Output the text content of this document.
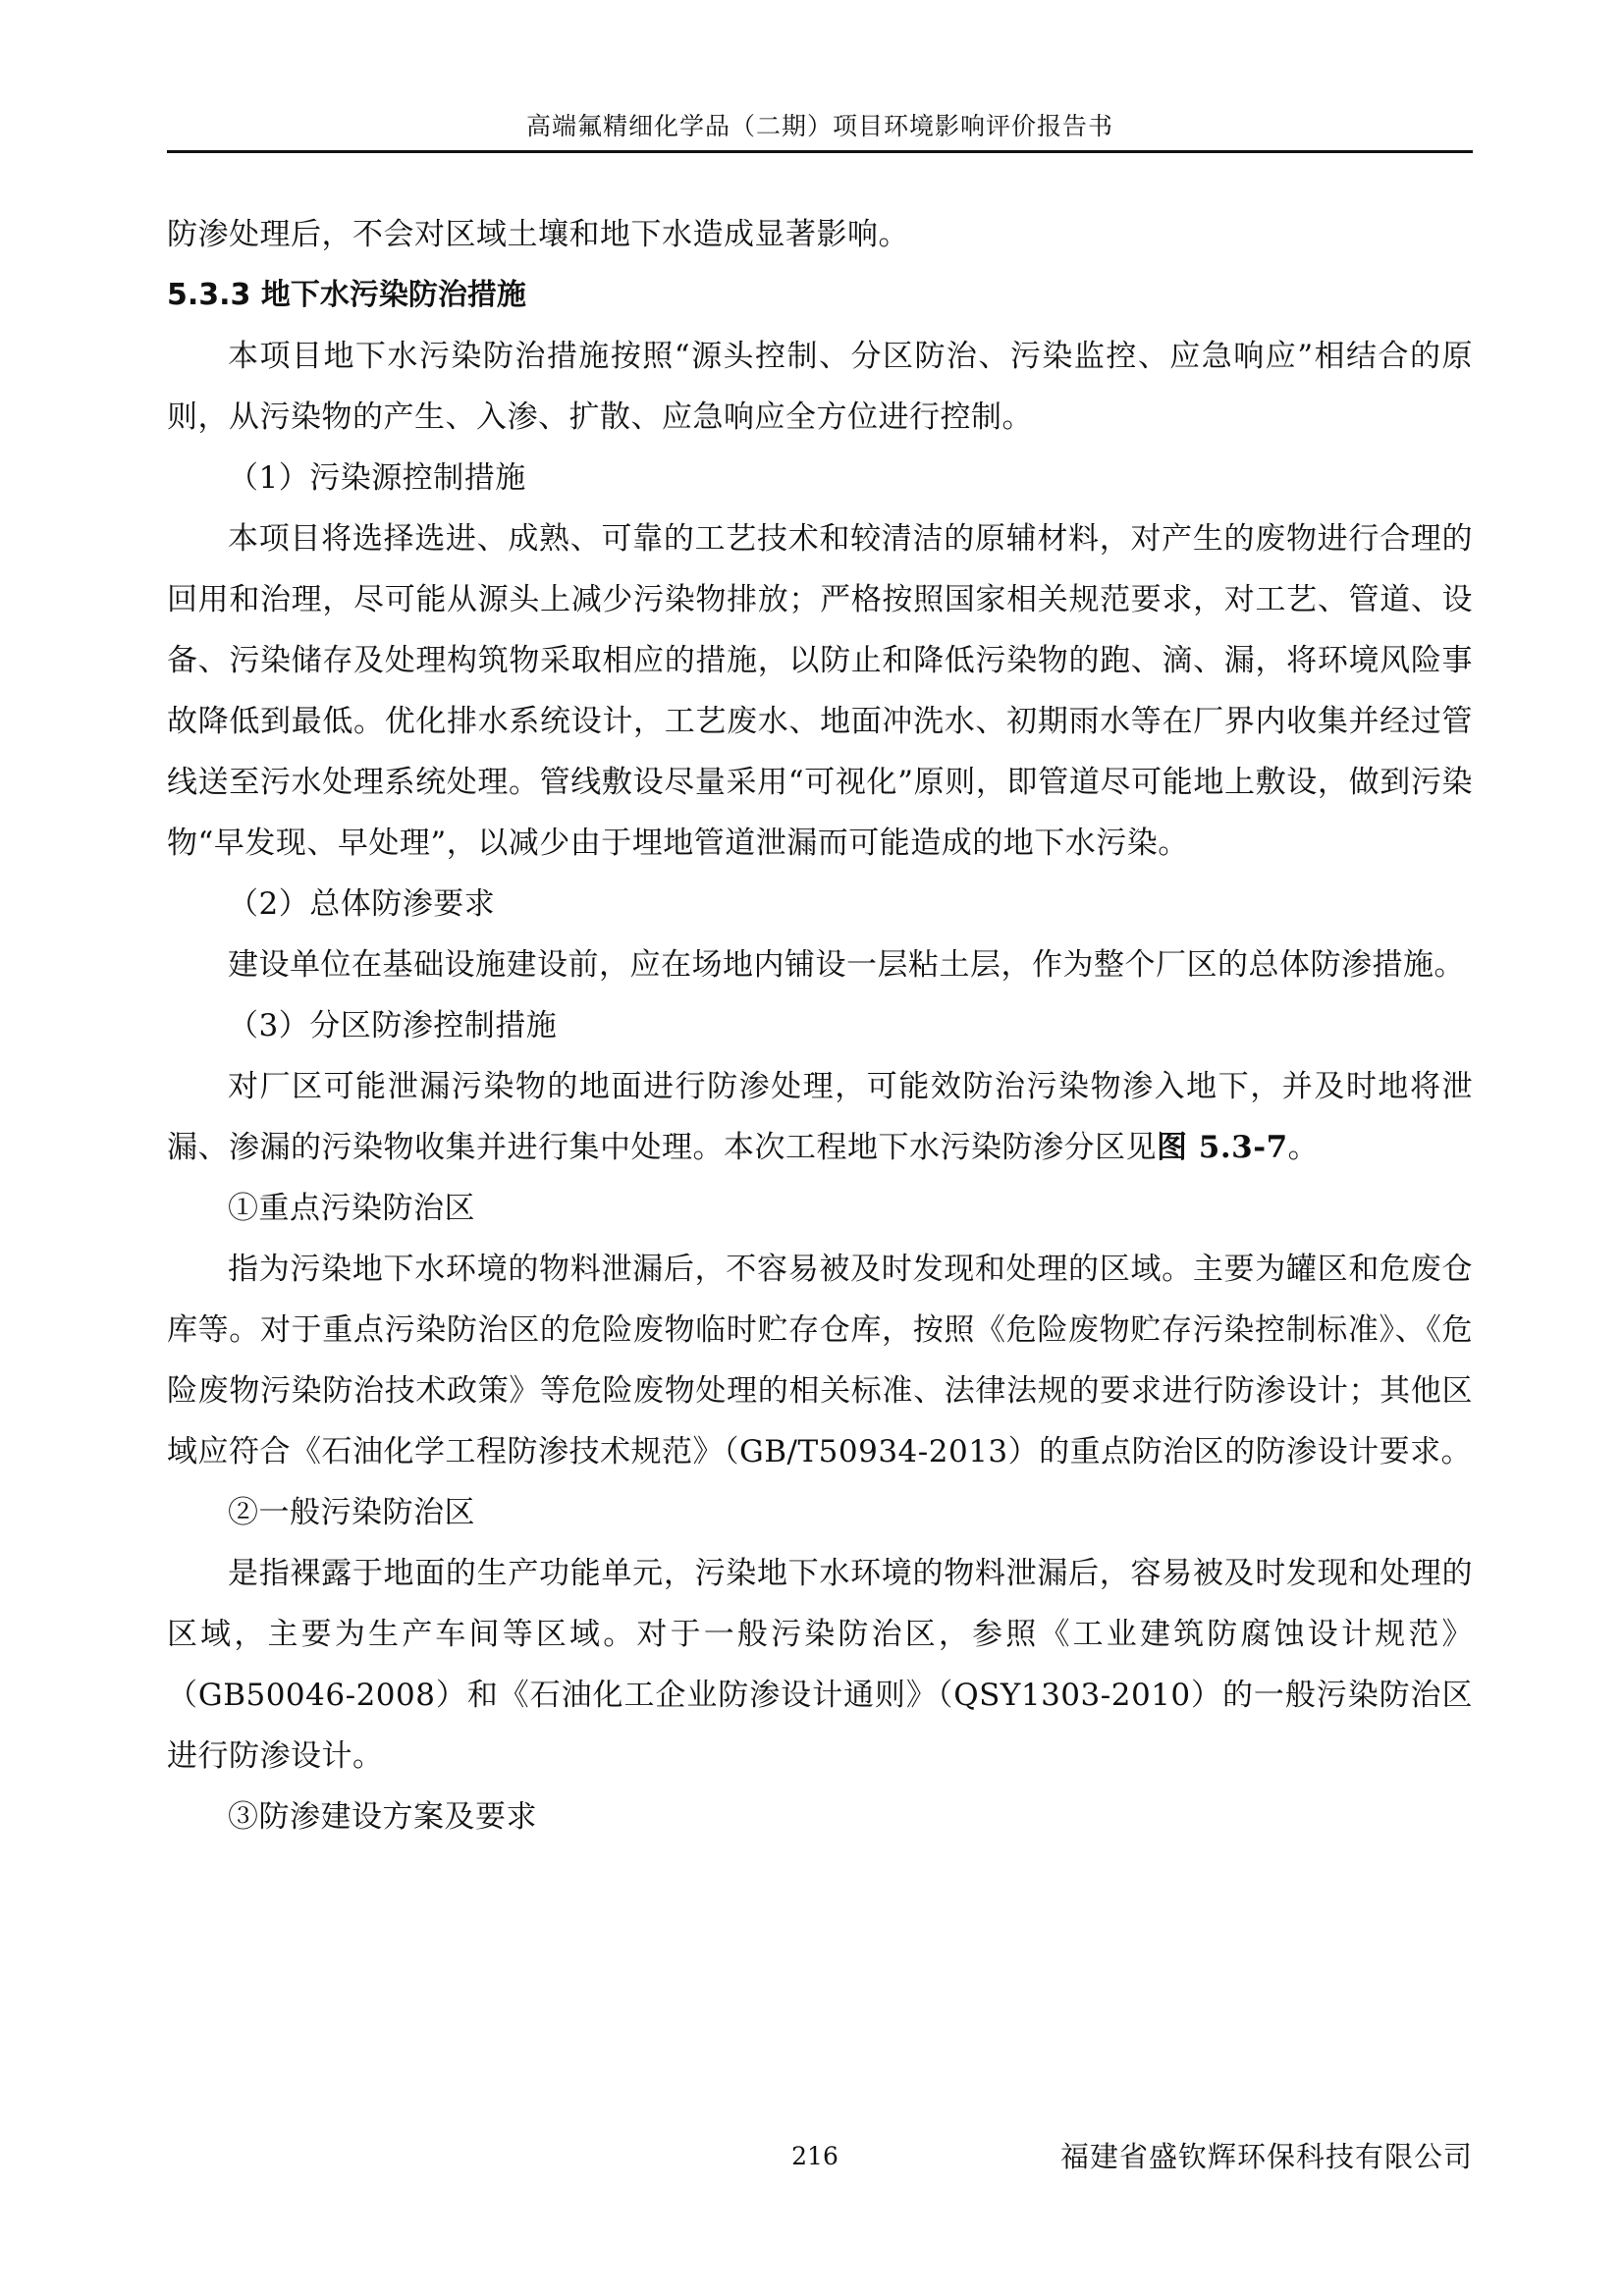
高端氟精细化学品（二期）项目环境影响评价报告书

防渗处理后，不会对区域土壤和地下水造成显著影响。

5.3.3 地下水污染防治措施

本项目地下水污染防治措施按照“源头控制、分区防治、污染监控、应急响应”相结合的原则，从污染物的产生、入渗、扩散、应急响应全方位进行控制。

（1）污染源控制措施

本项目将选择选进、成熟、可靠的工艺技术和较清洁的原辅材料，对产生的废物进行合理的回用和治理，尽可能从源头上减少污染物排放；严格按照国家相关规范要求，对工艺、管道、设备、污染储存及处理构筑物采取相应的措施，以防止和降低污染物的跑、滴、漏，将环境风险事故降低到最低。优化排水系统设计，工艺废水、地面冲洗水、初期雨水等在厂界内收集并经过管线送至污水处理系统处理。管线敷设尽量采用“可视化”原则，即管道尽可能地上敷设，做到污染物“早发现、早处理”，以减少由于埋地管道泄漏而可能造成的地下水污染。

（2）总体防渗要求

建设单位在基础设施建设前，应在场地内铺设一层粘土层，作为整个厂区的总体防渗措施。

（3）分区防渗控制措施

对厂区可能泄漏污染物的地面进行防渗处理，可能效防治污染物渗入地下，并及时地将泄漏、渗漏的污染物收集并进行集中处理。本次工程地下水污染防渗分区见图 5.3-7。

①重点污染防治区

指为污染地下水环境的物料泄漏后，不容易被及时发现和处理的区域。主要为罐区和危废仓库等。对于重点污染防治区的危险废物临时贮存仓库，按照《危险废物贮存污染控制标准》、《危险废物污染防治技术政策》等危险废物处理的相关标准、法律法规的要求进行防渗设计；其他区域应符合《石油化学工程防渗技术规范》（GB/T50934-2013）的重点防治区的防渗设计要求。

②一般污染防治区

是指裸露于地面的生产功能单元，污染地下水环境的物料泄漏后，容易被及时发现和处理的区域，主要为生产车间等区域。对于一般污染防治区，参照《工业建筑防腐蚀设计规范》（GB50046-2008）和《石油化工企业防渗设计通则》（QSY1303-2010）的一般污染防治区进行防渗设计。

③防渗建设方案及要求

216	福建省盛钦辉环保科技有限公司
